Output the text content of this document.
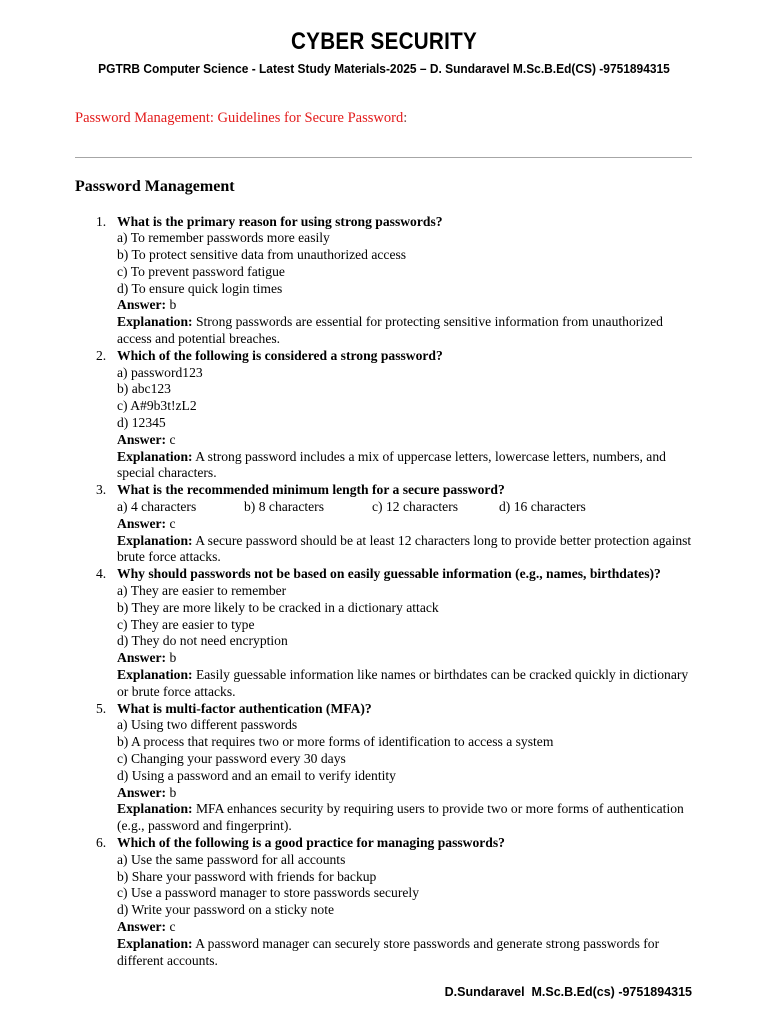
CYBER SECURITY
PGTRB Computer Science - Latest Study Materials-2025 – D. Sundaravel M.Sc.B.Ed(CS) -9751894315
Password Management: Guidelines for Secure Password:
Password Management
1. What is the primary reason for using strong passwords?
a) To remember passwords more easily
b) To protect sensitive data from unauthorized access
c) To prevent password fatigue
d) To ensure quick login times
Answer: b
Explanation: Strong passwords are essential for protecting sensitive information from unauthorized access and potential breaches.
2. Which of the following is considered a strong password?
a) password123
b) abc123
c) A#9b3t!zL2
d) 12345
Answer: c
Explanation: A strong password includes a mix of uppercase letters, lowercase letters, numbers, and special characters.
3. What is the recommended minimum length for a secure password?
a) 4 characters	b) 8 characters	c) 12 characters	d) 16 characters
Answer: c
Explanation: A secure password should be at least 12 characters long to provide better protection against brute force attacks.
4. Why should passwords not be based on easily guessable information (e.g., names, birthdates)?
a) They are easier to remember
b) They are more likely to be cracked in a dictionary attack
c) They are easier to type
d) They do not need encryption
Answer: b
Explanation: Easily guessable information like names or birthdates can be cracked quickly in dictionary or brute force attacks.
5. What is multi-factor authentication (MFA)?
a) Using two different passwords
b) A process that requires two or more forms of identification to access a system
c) Changing your password every 30 days
d) Using a password and an email to verify identity
Answer: b
Explanation: MFA enhances security by requiring users to provide two or more forms of authentication (e.g., password and fingerprint).
6. Which of the following is a good practice for managing passwords?
a) Use the same password for all accounts
b) Share your password with friends for backup
c) Use a password manager to store passwords securely
d) Write your password on a sticky note
Answer: c
Explanation: A password manager can securely store passwords and generate strong passwords for different accounts.
D.Sundaravel  M.Sc.B.Ed(cs) -9751894315
